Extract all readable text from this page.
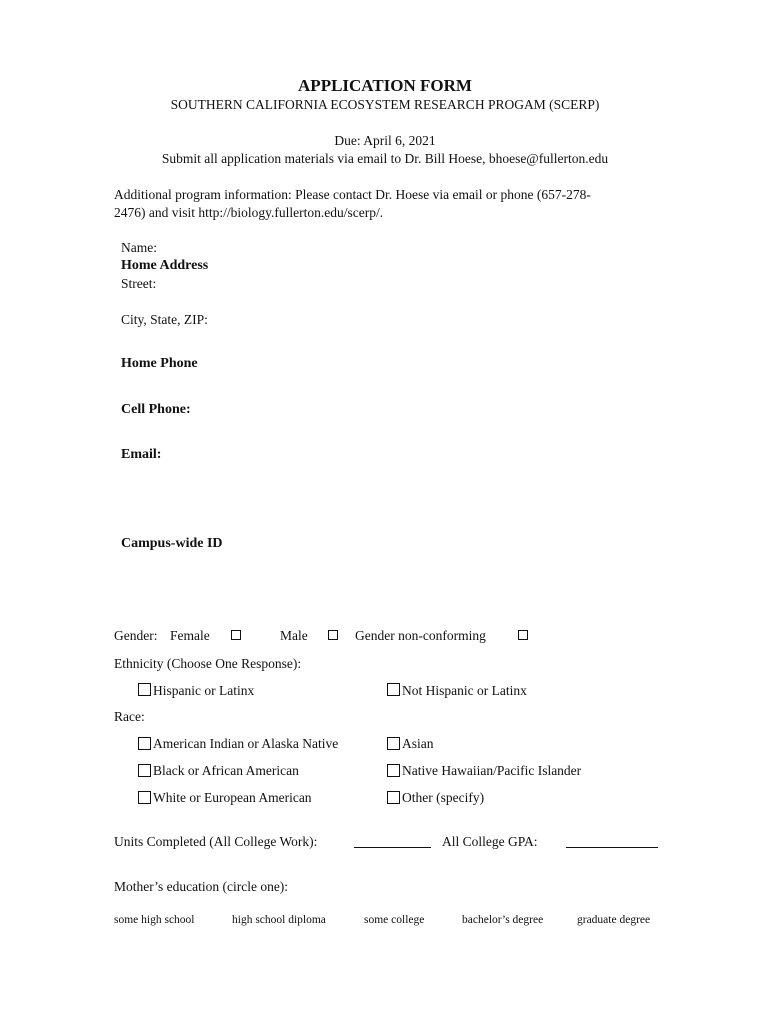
APPLICATION FORM
SOUTHERN CALIFORNIA ECOSYSTEM RESEARCH PROGAM (SCERP)
Due: April 6, 2021
Submit all application materials via email to Dr. Bill Hoese, bhoese@fullerton.edu
Additional program information: Please contact Dr. Hoese via email or phone (657-278-
2476) and visit http://biology.fullerton.edu/scerp/.
Name:
Home Address
Street:
City, State, ZIP:
Home Phone
Cell Phone:
Email:
Campus-wide ID
Gender: Female	Male	Gender non-conforming
Ethnicity (Choose One Response):
Hispanic or Latinx	Not Hispanic or Latinx
Race:
American Indian or Alaska Native	Asian
Black or African American	Native Hawaiian/Pacific Islander
White or European American	Other (specify)
Units Completed (All College Work):	All College GPA:
Mother’s education (circle one):
some high school	high school diploma	some college	bachelor’s degree	graduate degree
